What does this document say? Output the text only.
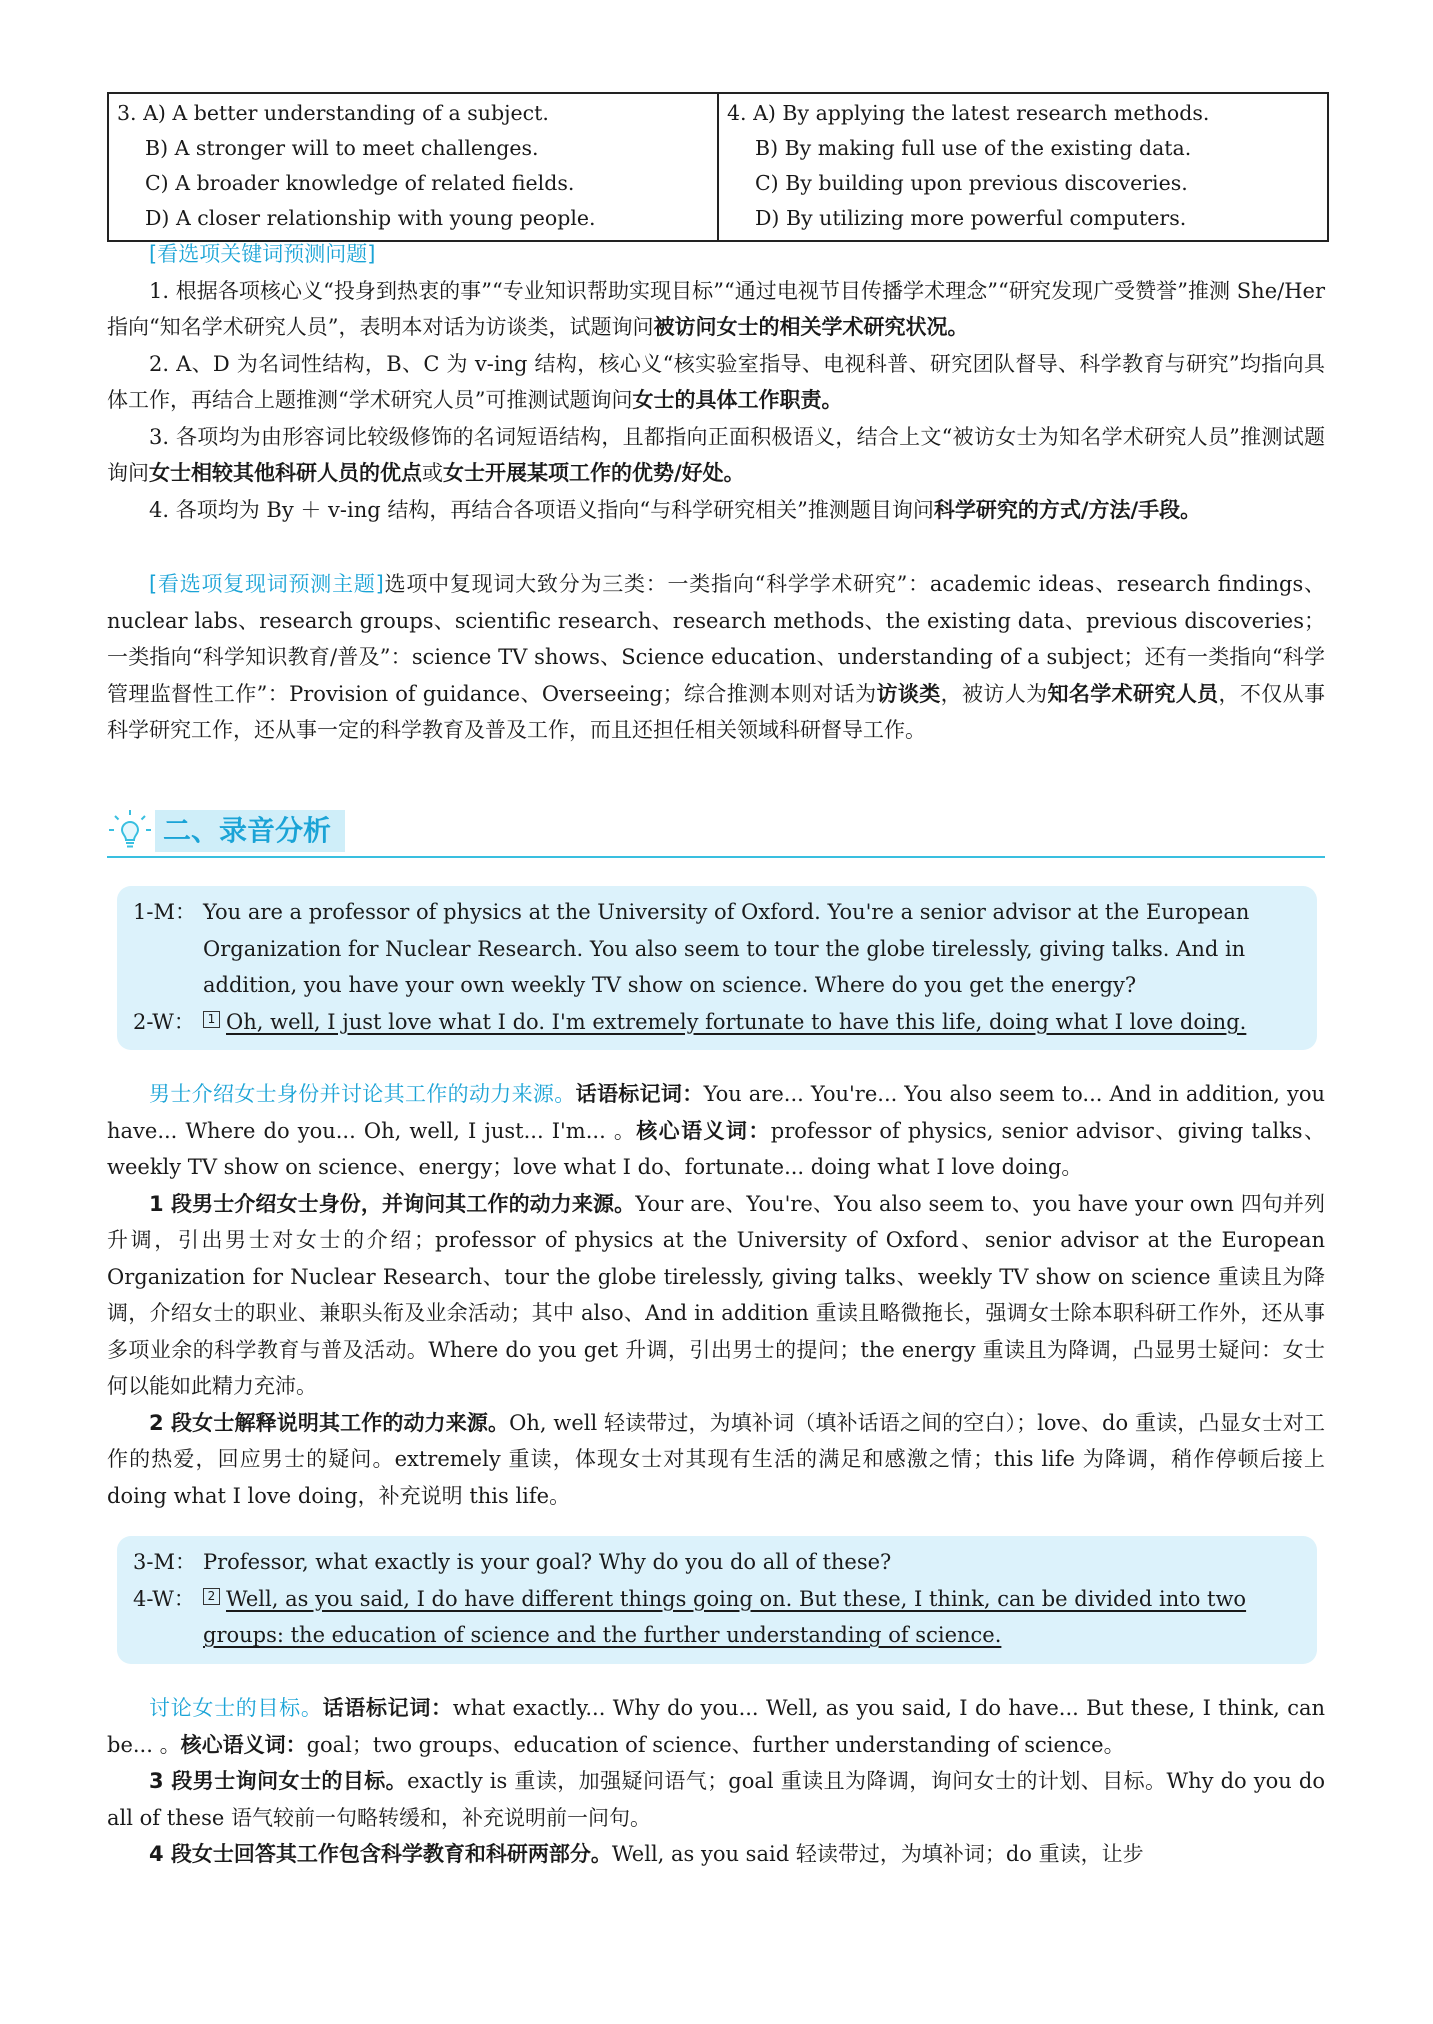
3. A) A better understanding of a subject.
B) A stronger will to meet challenges.
C) A broader knowledge of related fields.
D) A closer relationship with young people.
4. A) By applying the latest research methods.
B) By making full use of the existing data.
C) By building upon previous discoveries.
D) By utilizing more powerful computers.
[看选项关键词预测问题]
1. 根据各项核心义“投身到热衷的事”“专业知识帮助实现目标”“通过电视节目传播学术理念”“研究发现广受赞誉”推测 She/Her 指向“知名学术研究人员”，表明本对话为访谈类，试题询问被访问女士的相关学术研究状况。
2. A、D 为名词性结构，B、C 为 v-ing 结构，核心义“核实验室指导、电视科普、研究团队督导、科学教育与研究”均指向具体工作，再结合上题推测“学术研究人员”可推测试题询问女士的具体工作职责。
3. 各项均为由形容词比较级修饰的名词短语结构，且都指向正面积极语义，结合上文“被访女士为知名学术研究人员”推测试题询问女士相较其他科研人员的优点或女士开展某项工作的优势/好处。
4. 各项均为 By ＋ v-ing 结构，再结合各项语义指向“与科学研究相关”推测题目询问科学研究的方式/方法/手段。
[看选项复现词预测主题]选项中复现词大致分为三类：一类指向“科学学术研究”：academic ideas、research findings、nuclear labs、research groups、scientific research、research methods、the existing data、previous discoveries；一类指向“科学知识教育/普及”：science TV shows、Science education、understanding of a subject；还有一类指向“科学管理监督性工作”：Provision of guidance、Overseeing；综合推测本则对话为访谈类，被访人为知名学术研究人员，不仅从事科学研究工作，还从事一定的科学教育及普及工作，而且还担任相关领域科研督导工作。
二、录音分析
1-M： You are a professor of physics at the University of Oxford. You're a senior advisor at the European Organization for Nuclear Research. You also seem to tour the globe tirelessly, giving talks. And in addition, you have your own weekly TV show on science. Where do you get the energy?
2-W：	1 Oh, well, I just love what I do. I'm extremely fortunate to have this life, doing what I love doing.
男士介绍女士身份并讨论其工作的动力来源。话语标记词：You are... You're... You also seem to... And in addition, you have... Where do you... Oh, well, I just... I'm... 。核心语义词：professor of physics, senior advisor、giving talks、weekly TV show on science、energy；love what I do、fortunate... doing what I love doing。
1 段男士介绍女士身份，并询问其工作的动力来源。Your are、You're、You also seem to、you have your own 四句并列升调，引出男士对女士的介绍；professor of physics at the University of Oxford、senior advisor at the European Organization for Nuclear Research、tour the globe tirelessly, giving talks、weekly TV show on science 重读且为降调，介绍女士的职业、兼职头衔及业余活动；其中 also、And in addition 重读且略微拖长，强调女士除本职科研工作外，还从事多项业余的科学教育与普及活动。Where do you get 升调，引出男士的提问；the energy 重读且为降调，凸显男士疑问：女士何以能如此精力充沛。
2 段女士解释说明其工作的动力来源。Oh, well 轻读带过，为填补词（填补话语之间的空白）；love、do 重读，凸显女士对工作的热爱，回应男士的疑问。extremely 重读，体现女士对其现有生活的满足和感激之情；this life 为降调，稍作停顿后接上 doing what I love doing，补充说明 this life。
3-M： Professor, what exactly is your goal? Why do you do all of these?
4-W：	2 Well, as you said, I do have different things going on. But these, I think, can be divided into two groups: the education of science and the further understanding of science.
讨论女士的目标。话语标记词：what exactly... Why do you... Well, as you said, I do have... But these, I think, can be... 。核心语义词：goal；two groups、education of science、further understanding of science。
3 段男士询问女士的目标。exactly is 重读，加强疑问语气；goal 重读且为降调，询问女士的计划、目标。Why do you do all of these 语气较前一句略转缓和，补充说明前一问句。
4 段女士回答其工作包含科学教育和科研两部分。Well, as you said 轻读带过，为填补词；do 重读，让步
